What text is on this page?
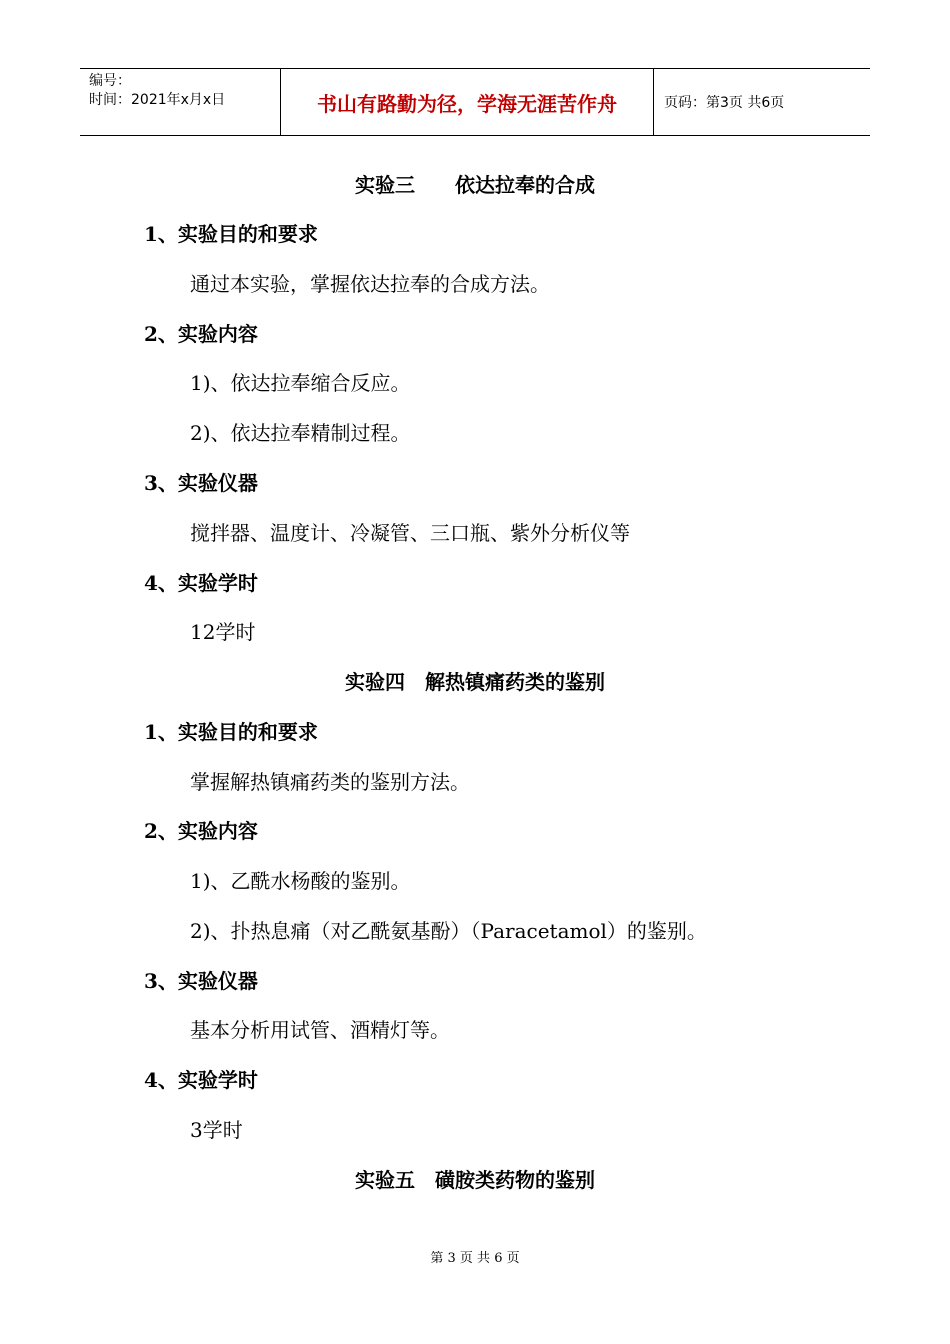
编号：
时间：2021年x月x日	书山有路勤为径，学海无涯苦作舟	页码：第3页 共6页
实验三　　依达拉奉的合成
1、实验目的和要求
通过本实验，掌握依达拉奉的合成方法。
2、实验内容
1)、依达拉奉缩合反应。
2)、依达拉奉精制过程。
3、实验仪器
搅拌器、温度计、冷凝管、三口瓶、紫外分析仪等
4、实验学时
12学时
实验四　解热镇痛药类的鉴别
1、实验目的和要求
掌握解热镇痛药类的鉴别方法。
2、实验内容
1)、乙酰水杨酸的鉴别。
2)、扑热息痛（对乙酰氨基酚）（Paracetamol）的鉴别。
3、实验仪器
基本分析用试管、酒精灯等。
4、实验学时
3学时
实验五　磺胺类药物的鉴别
第 3 页 共 6 页
